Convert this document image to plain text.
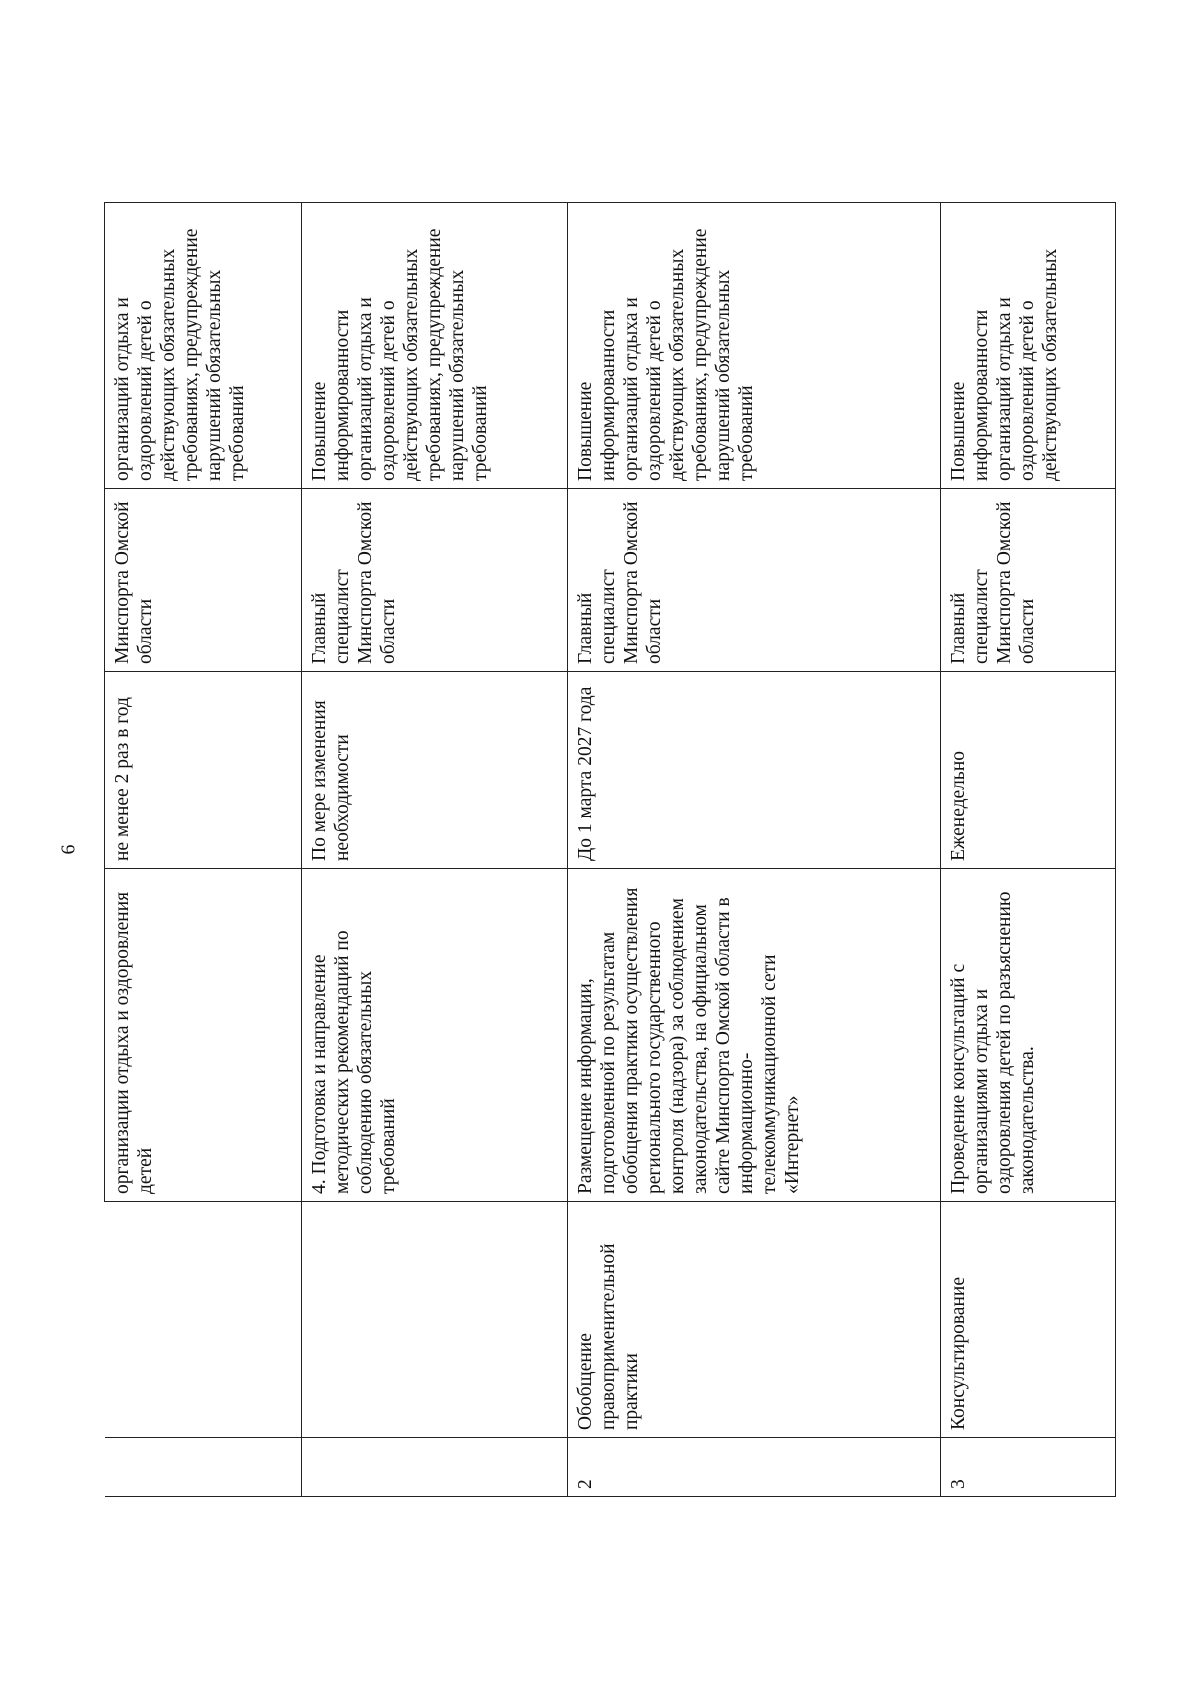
6
		организации отдыха и оздоровления детей	не менее 2 раз в год	Минспорта Омской области	организаций отдыха и оздоровлений детей о действующих обязательных требованиях, предупреждение нарушений обязательных требований
		4. Подготовка и направление методических рекомендаций по соблюдению обязательных требований	По мере изменения необходимости	Главный специалист Минспорта Омской области	Повышение информированности организаций отдыха и оздоровлений детей о действующих обязательных требованиях, предупреждение нарушений обязательных требований
2	Обобщение правоприменительной практики	Размещение информации, подготовленной по результатам обобщения практики осуществления регионального государственного контроля (надзора) за соблюдением законодательства, на официальном сайте Минспорта Омской области в информационно-телекоммуникационной сети «Интернет»	До 1 марта 2027 года	Главный специалист Минспорта Омской области	Повышение информированности организаций отдыха и оздоровлений детей о действующих обязательных требованиях, предупреждение нарушений обязательных требований
3	Консультирование	Проведение консультаций с организациями отдыха и оздоровления детей по разъяснению законодательства.	Еженедельно	Главный специалист Минспорта Омской области	Повышение информированности организаций отдыха и оздоровлений детей о действующих обязательных
